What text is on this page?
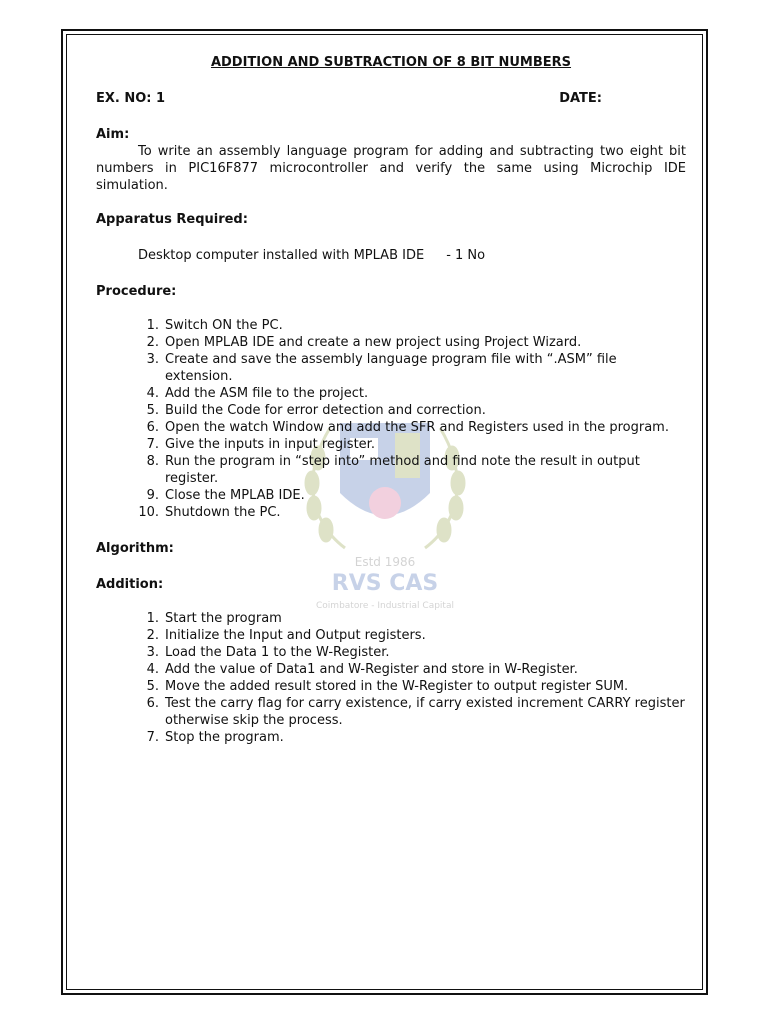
Estd 1986
RVS CAS
Coimbatore - Industrial Capital

ADDITION AND SUBTRACTION OF 8 BIT NUMBERS

EX. NO: 1	DATE:

Aim:

To write an assembly language program for adding and subtracting two eight bit numbers in PIC16F877 microcontroller and verify the same using Microchip IDE simulation.

Apparatus Required:

Desktop computer installed with MPLAB IDE - 1 No

Procedure:

1. Switch ON the PC.
2. Open MPLAB IDE and create a new project using Project Wizard.
3. Create and save the assembly language program file with “.ASM” file extension.
4. Add the ASM file to the project.
5. Build the Code for error detection and correction.
6. Open the watch Window and add the SFR and Registers used in the program.
7. Give the inputs in input register.
8. Run the program in “step into” method and find note the result in output register.
9. Close the MPLAB IDE.
10. Shutdown the PC.

Algorithm:

Addition:

1. Start the program
2. Initialize the Input and Output registers.
3. Load the Data 1 to the W-Register.
4. Add the value of Data1 and W-Register and store in W-Register.
5. Move the added result stored in the W-Register to output register SUM.
6. Test the carry flag for carry existence, if carry existed increment CARRY register otherwise skip the process.
7. Stop the program.
